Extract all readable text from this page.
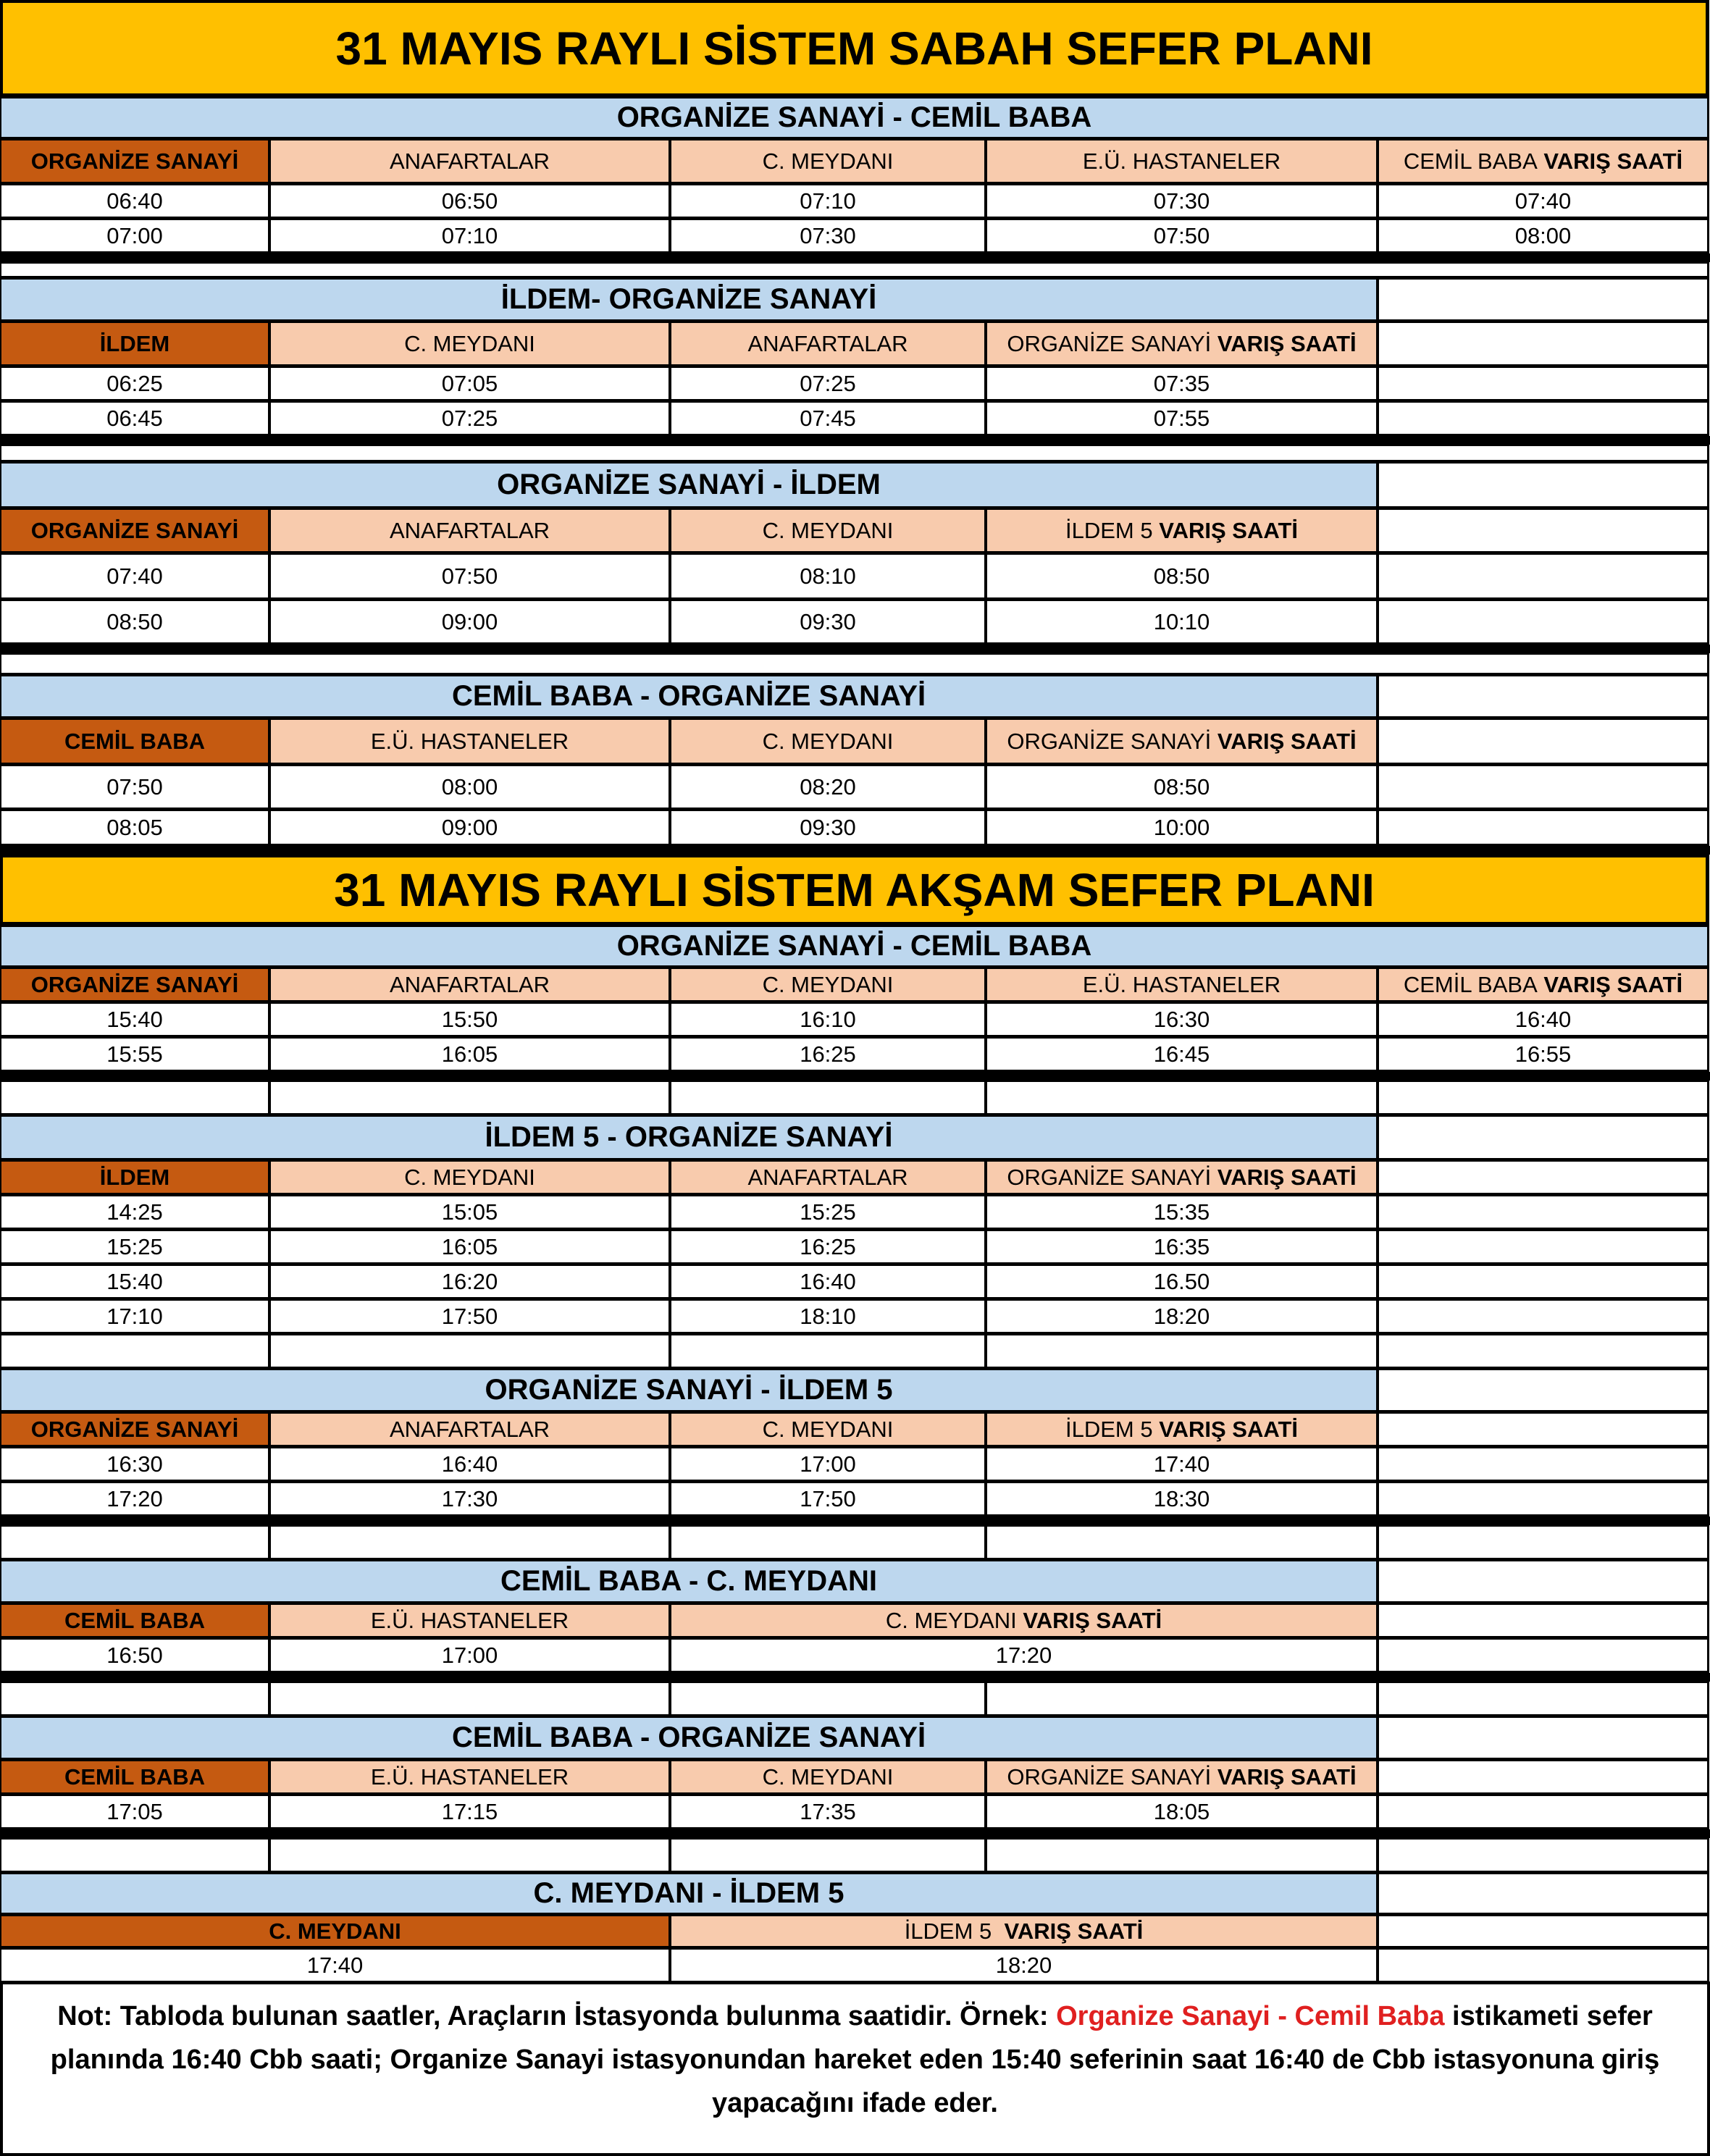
31 MAYIS RAYLI SİSTEM SABAH SEFER PLANI
ORGANİZE SANAYİ - CEMİL BABA
ORGANİZE SANAYİ	ANAFARTALAR	C. MEYDANI	E.Ü. HASTANELER	CEMİL BABA
VARIŞ SAATİ
06:40	06:50	07:10	07:30	07:40
07:00	07:10	07:30	07:50	08:00
İLDEM- ORGANİZE SANAYİ
İLDEM	C. MEYDANI	ANAFARTALAR	ORGANİZE SANAYİ
VARIŞ SAATİ
06:25	07:05	07:25	07:35
06:45	07:25	07:45	07:55
ORGANİZE SANAYİ - İLDEM
ORGANİZE SANAYİ	ANAFARTALAR	C. MEYDANI	İLDEM 5
VARIŞ SAATİ
07:40	07:50	08:10	08:50
08:50	09:00	09:30	10:10
CEMİL BABA - ORGANİZE SANAYİ
CEMİL BABA	E.Ü. HASTANELER	C. MEYDANI	ORGANİZE SANAYİ
VARIŞ SAATİ
07:50	08:00	08:20	08:50
08:05	09:00	09:30	10:00
31 MAYIS RAYLI SİSTEM AKŞAM SEFER PLANI
ORGANİZE SANAYİ - CEMİL BABA
ORGANİZE SANAYİ	ANAFARTALAR	C. MEYDANI	E.Ü. HASTANELER	CEMİL BABA
VARIŞ SAATİ
15:40	15:50	16:10	16:30	16:40
15:55	16:05	16:25	16:45	16:55
İLDEM 5 - ORGANİZE SANAYİ
İLDEM	C. MEYDANI	ANAFARTALAR	ORGANİZE SANAYİ
VARIŞ SAATİ
14:25	15:05	15:25	15:35
15:25	16:05	16:25	16:35
15:40	16:20	16:40	16.50
17:10	17:50	18:10	18:20
ORGANİZE SANAYİ - İLDEM 5
ORGANİZE SANAYİ	ANAFARTALAR	C. MEYDANI	İLDEM 5
VARIŞ SAATİ
16:30	16:40	17:00	17:40
17:20	17:30	17:50	18:30
CEMİL BABA - C. MEYDANI
CEMİL BABA	E.Ü. HASTANELER	C. MEYDANI
VARIŞ SAATİ
16:50	17:00	17:20
CEMİL BABA - ORGANİZE SANAYİ
CEMİL BABA	E.Ü. HASTANELER	C. MEYDANI	ORGANİZE SANAYİ
VARIŞ SAATİ
17:05	17:15	17:35	18:05
C. MEYDANI - İLDEM 5
C. MEYDANI	İLDEM 5
VARIŞ SAATİ
17:40	18:20
Not: Tabloda bulunan saatler, Araçların İstasyonda bulunma saatidir. Örnek: Organize Sanayi - Cemil Baba istikameti sefer planında 16:40 Cbb saati; Organize Sanayi istasyonundan hareket eden 15:40 seferinin saat 16:40 de Cbb istasyonuna giriş yapacağını ifade eder.
